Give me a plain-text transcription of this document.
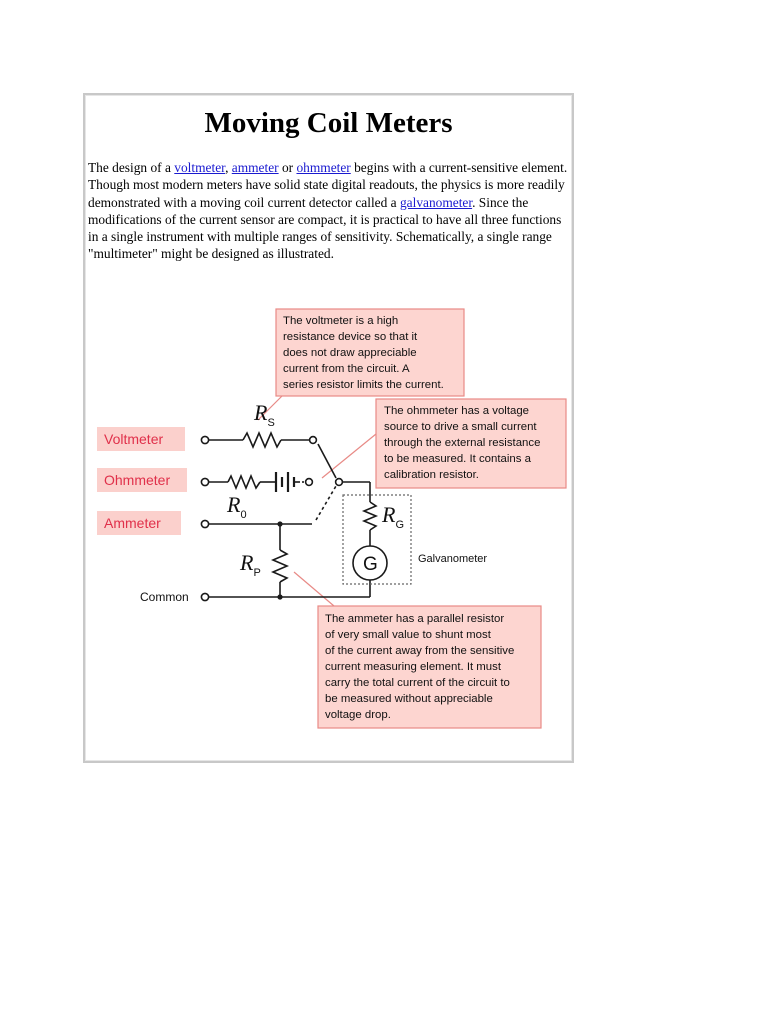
Moving Coil Meters

The design of a voltmeter, ammeter or ohmmeter begins with a current-sensitive element. Though most modern meters have solid state digital readouts, the physics is more readily demonstrated with a moving coil current detector called a galvanometer. Since the modifications of the current sensor are compact, it is practical to have all three functions in a single instrument with multiple ranges of sensitivity. Schematically, a single range "multimeter" might be designed as illustrated.

The voltmeter is a high resistance device so that it does not draw appreciable current from the circuit. A series resistor limits the current.
The ohmmeter has a voltage source to drive a small current through the external resistance to be measured. It contains a calibration resistor.
The ammeter has a parallel resistor of very small value to shunt most of the current away from the sensitive current measuring element. It must carry the total current of the circuit to be measured without appreciable voltage drop.
Voltmeter
Ohmmeter
Ammeter
Common
G	Galvanometer
$R_S$
$R_0$
$R_P$
$R_G$
